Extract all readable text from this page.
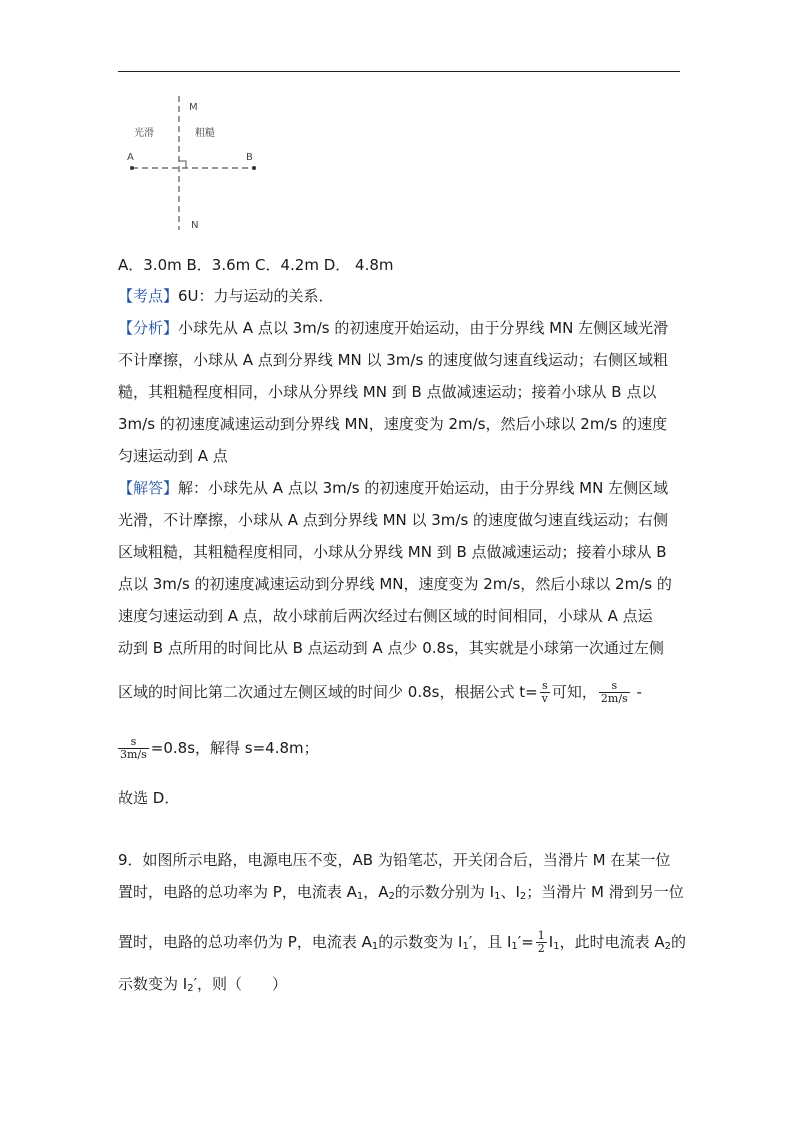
M
N
A	B
光滑	粗糙
A．3.0m B．3.6m C．4.2m D． 4.8m
【考点】6U：力与运动的关系．
【分析】小球先从 A 点以 3m/s 的初速度开始运动，由于分界线 MN 左侧区域光滑
不计摩擦，小球从 A 点到分界线 MN 以 3m/s 的速度做匀速直线运动；右侧区域粗
糙，其粗糙程度相同，小球从分界线 MN 到 B 点做减速运动；接着小球从 B 点以
3m/s 的初速度减速运动到分界线 MN，速度变为 2m/s，然后小球以 2m/s 的速度
匀速运动到 A 点
【解答】解：小球先从 A 点以 3m/s 的初速度开始运动，由于分界线 MN 左侧区域
光滑，不计摩擦，小球从 A 点到分界线 MN 以 3m/s 的速度做匀速直线运动；右侧
区域粗糙，其粗糙程度相同，小球从分界线 MN 到 B 点做减速运动；接着小球从 B
点以 3m/s 的初速度减速运动到分界线 MN，速度变为 2m/s，然后小球以 2m/s 的
速度匀速运动到 A 点，故小球前后两次经过右侧区域的时间相同，小球从 A 点运
动到 B 点所用的时间比从 B 点运动到 A 点少 0.8s，其实就是小球第一次通过左侧
区域的时间比第二次通过左侧区域的时间少 0.8s，根据公式 $t= \frac{s}{v}$ 可知， $\frac{s}{2m/s}$ -
$\frac{s}{3m/s} =0.8s$，解得 s=4.8m；
故选 D．
9．如图所示电路，电源电压不变，AB 为铅笔芯，开关闭合后，当滑片 M 在某一位
置时，电路的总功率为 P，电流表 $A_1$，$A_2$的示数分别为 $I_1$、$I_2$；当滑片 M 滑到另一位
置时，电路的总功率仍为 P，电流表 $A_1$的示数变为 $I_1'$，且 $I_1'= \frac{1}{2} I_1$，此时电流表 $A_2$的
示数变为 $I_2'$，则（　　）
